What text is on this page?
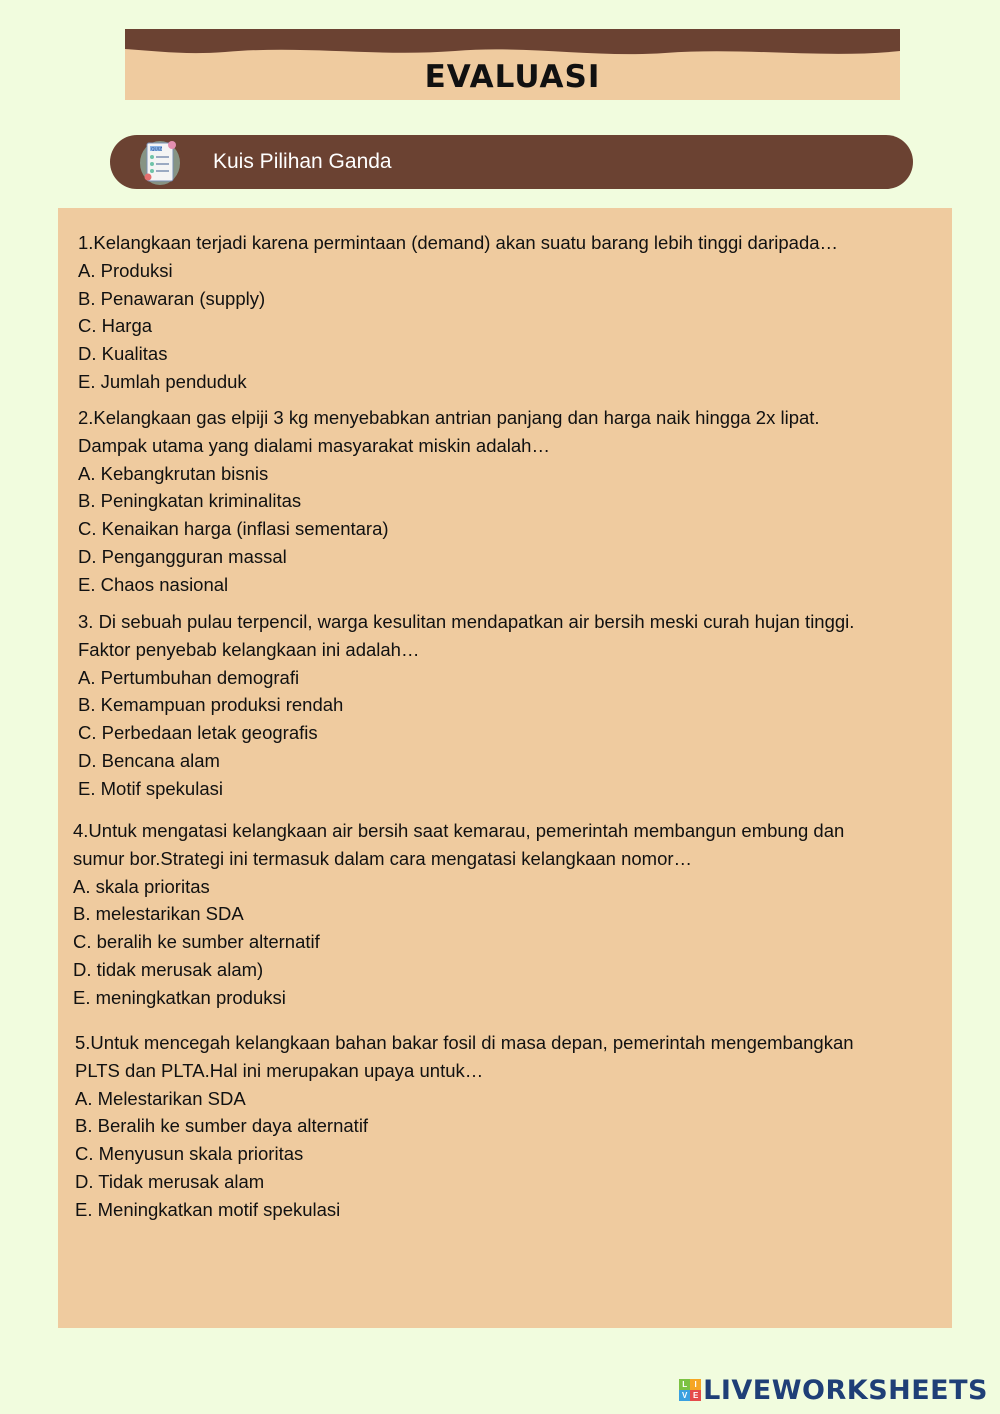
EVALUASI
QUIZ Kuis Pilihan Ganda
1.Kelangkaan terjadi karena permintaan (demand) akan suatu barang lebih tinggi daripada…
A. Produksi
B. Penawaran (supply)
C. Harga
D. Kualitas
E. Jumlah penduduk
2.Kelangkaan gas elpiji 3 kg menyebabkan antrian panjang dan harga naik hingga 2x lipat.
Dampak utama yang dialami masyarakat miskin adalah…
A. Kebangkrutan bisnis
B. Peningkatan kriminalitas
C. Kenaikan harga (inflasi sementara)
D. Pengangguran massal
E. Chaos nasional
3. Di sebuah pulau terpencil, warga kesulitan mendapatkan air bersih meski curah hujan tinggi.
Faktor penyebab kelangkaan ini adalah…
A. Pertumbuhan demografi
B. Kemampuan produksi rendah
C. Perbedaan letak geografis
D. Bencana alam
E. Motif spekulasi
4.Untuk mengatasi kelangkaan air bersih saat kemarau, pemerintah membangun embung dan
sumur bor.Strategi ini termasuk dalam cara mengatasi kelangkaan nomor…
A. skala prioritas
B. melestarikan SDA
C. beralih ke sumber alternatif
D. tidak merusak alam)
E. meningkatkan produksi
5.Untuk mencegah kelangkaan bahan bakar fosil di masa depan, pemerintah mengembangkan
PLTS dan PLTA.Hal ini merupakan upaya untuk…
A. Melestarikan SDA
B. Beralih ke sumber daya alternatif
C. Menyusun skala prioritas
D. Tidak merusak alam
E. Meningkatkan motif spekulasi
L I
V E LIVEWORKSHEETS
